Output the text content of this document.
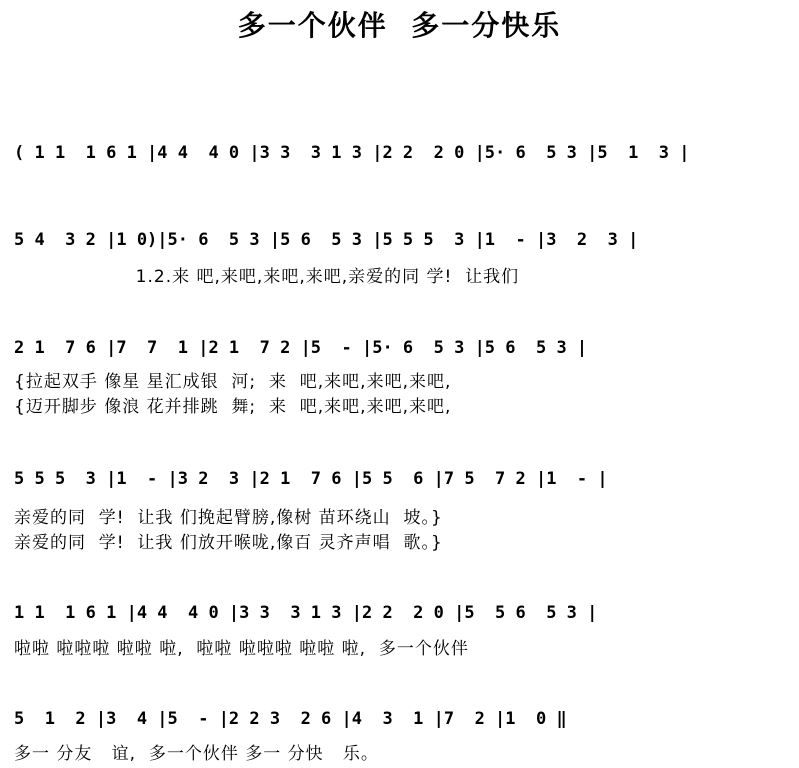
多一个伙伴  多一分快乐
( 1 1  1 6 1 |4 4  4 0 |3 3  3 1 3 |2 2  2 0 |5· 6  5 3 |5  1  3 |
5 4  3 2 |1 0)|5· 6  5 3 |5 6  5 3 |5 5 5  3 |1  - |3  2  3 |
1.2.来 吧,来吧,来吧,来吧,亲爱的同 学!  让我们
2 1  7 6 |7  7  1 |2 1  7 2 |5  - |5· 6  5 3 |5 6  5 3 |
{拉起双手 像星 星汇成银  河;  来  吧,来吧,来吧,来吧,
{迈开脚步 像浪 花并排跳  舞;  来  吧,来吧,来吧,来吧,
5 5 5  3 |1  - |3 2  3 |2 1  7 6 |5 5  6 |7 5  7 2 |1  - |
亲爱的同  学!  让我 们挽起臂膀,像树 苗环绕山  坡。}
亲爱的同  学!  让我 们放开喉咙,像百 灵齐声唱  歌。}
1 1  1 6 1 |4 4  4 0 |3 3  3 1 3 |2 2  2 0 |5  5 6  5 3 |
啦啦 啦啦啦 啦啦 啦,  啦啦 啦啦啦 啦啦 啦,  多一个伙伴
5  1  2 |3  4 |5  - |2 2 3  2 6 |4  3  1 |7  2 |1  0 ‖
多一 分友   谊,  多一个伙伴 多一 分快   乐。
